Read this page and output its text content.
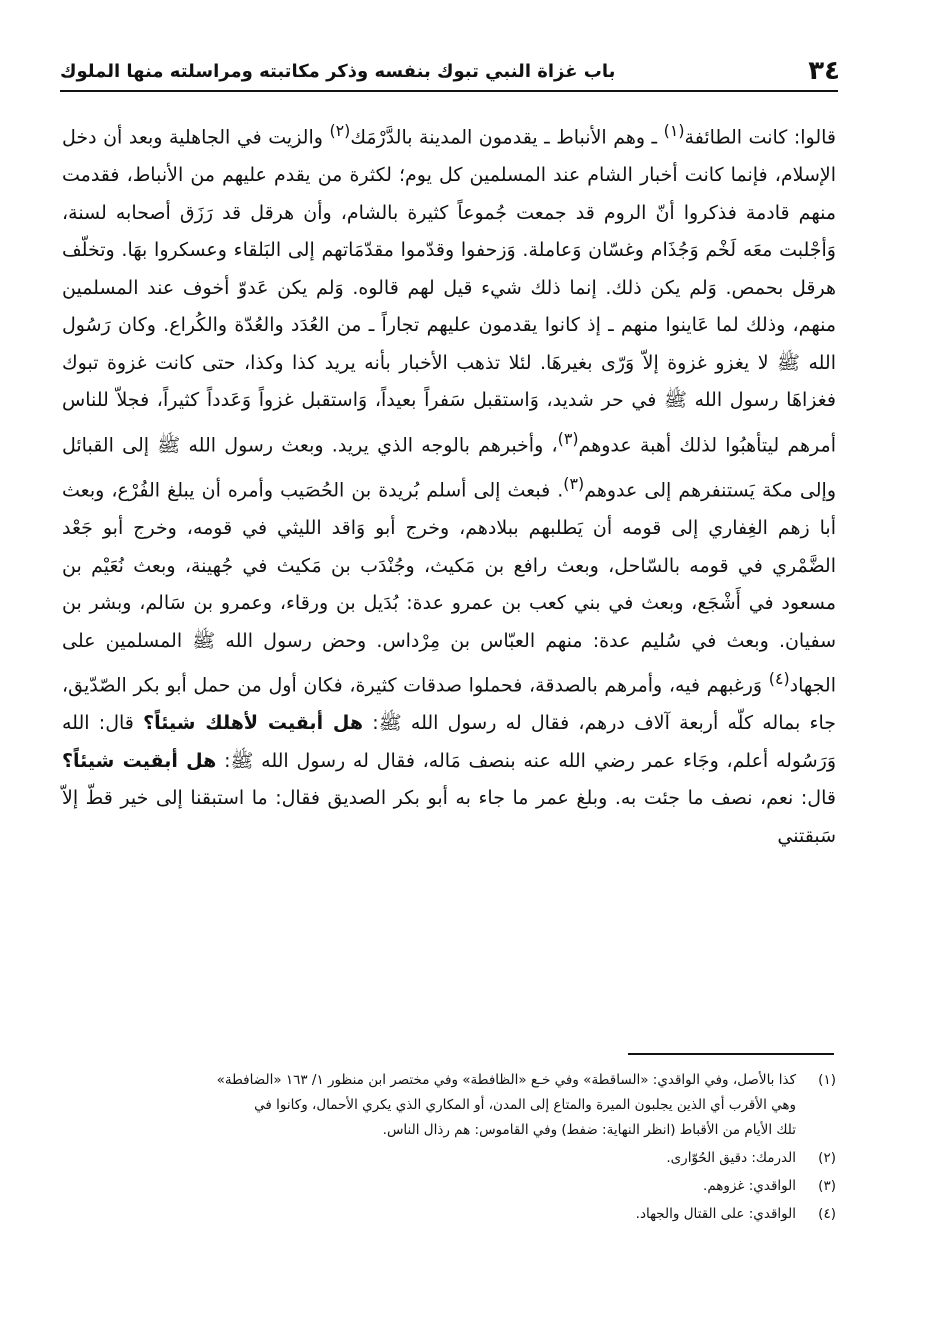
٣٤
باب غزاة النبي تبوك بنفسه وذكر مكاتبته ومراسلته منها الملوك

قالوا: كانت الطائفة$^{(١)}$ ـ وهم الأنباط ـ يقدمون المدينة بالدَّرْمَك$^{(٢)}$ والزيت في الجاهلية وبعد أن دخل الإسلام، فإنما كانت أخبار الشام عند المسلمين كل يوم؛ لكثرة من يقدم عليهم من الأنباط، فقدمت منهم قادمة فذكروا أنّ الروم قد جمعت جُموعاً كثيرة بالشام، وأن هرقل قد رَزَق أصحابه لسنة، وَأجْلبت معَه لَخْم وَجُذَام وغسّان وَعاملة. وَزحفوا وقدّموا مقدّمَاتهم إلى البَلقاء وعسكروا بهَا. وتخلّف هرقل بحمص. وَلم يكن ذلك. إنما ذلك شيء قيل لهم قالوه. وَلم يكن عَدوّ أخوف عند المسلمين منهم، وذلك لما عَاينوا منهم ـ إذ كانوا يقدمون عليهم تجاراً ـ من العُدَد والعُدّة والكُراع. وكان رَسُول الله ﷺ لا يغزو غزوة إلاّ وَرّى بغيرهَا. لئلا تذهب الأخبار بأنه يريد كذا وكذا، حتى كانت غزوة تبوك فغزاهَا رسول الله ﷺ في حر شديد، وَاستقبل سَفراً بعيداً، وَاستقبل غزواً وَعَدداً كثيراً، فجلاّ للناس أمرهم ليتأهبُوا لذلك أهبة عدوهم$^{(٣)}$، وأخبرهم بالوجه الذي يريد. وبعث رسول الله ﷺ إلى القبائل وإلى مكة يَستنفرهم إلى عدوهم$^{(٣)}$. فبعث إلى أسلم بُريدة بن الحُصَيب وأمره أن يبلغ الفُرْع، وبعث أبا زهم الغِفاري إلى قومه أن يَطلبهم ببلادهم، وخرج أبو وَاقد الليثي في قومه، وخرج أبو جَعْد الضَّمْري في قومه بالسّاحل، وبعث رافع بن مَكيث، وجُنْدَب بن مَكيث في جُهينة، وبعث نُعَيْم بن مسعود في أَشْجَع، وبعث في بني كعب بن عمرو عدة: بُدَيل بن ورقاء، وعمرو بن سَالم، وبشر بن سفيان. وبعث في سُليم عدة: منهم العبّاس بن مِرْداس. وحض رسول الله ﷺ المسلمين على الجهاد$^{(٤)}$ وَرغبهم فيه، وأمرهم بالصدقة، فحملوا صدقات كثيرة، فكان أول من حمل أبو بكر الصّدّيق، جاء بماله كلّه أربعة آلاف درهم، فقال له رسول الله ﷺ: هل أبقيت لأهلك شيئاً؟ قال: الله وَرَسُوله أعلم، وجَاء عمر رضي الله عنه بنصف مَاله، فقال له رسول الله ﷺ: هل أبقيت شيئاً؟ قال: نعم، نصف ما جئت به. وبلغ عمر ما جاء به أبو بكر الصديق فقال: ما استبقنا إلى خير قطّ إلاّ سَبقتني

(١)
كذا بالأصل، وفي الواقدي: «الساقطة» وفي خـع «الظافطة» وفي مختصر ابن منظور ١/ ١٦٣ «الضافطة»
وهي الأقرب أي الذين يجلبون الميرة والمتاع إلى المدن، أو المكاري الذي يكري الأحمال، وكانوا في
تلك الأيام من الأقباط (انظر النهاية: ضفط) وفي القاموس: هم رذال الناس.
(٢)
الدرمك: دقيق الحُوّارى.
(٣)
الواقدي: غزوهم.
(٤)
الواقدي: على القتال والجهاد.
